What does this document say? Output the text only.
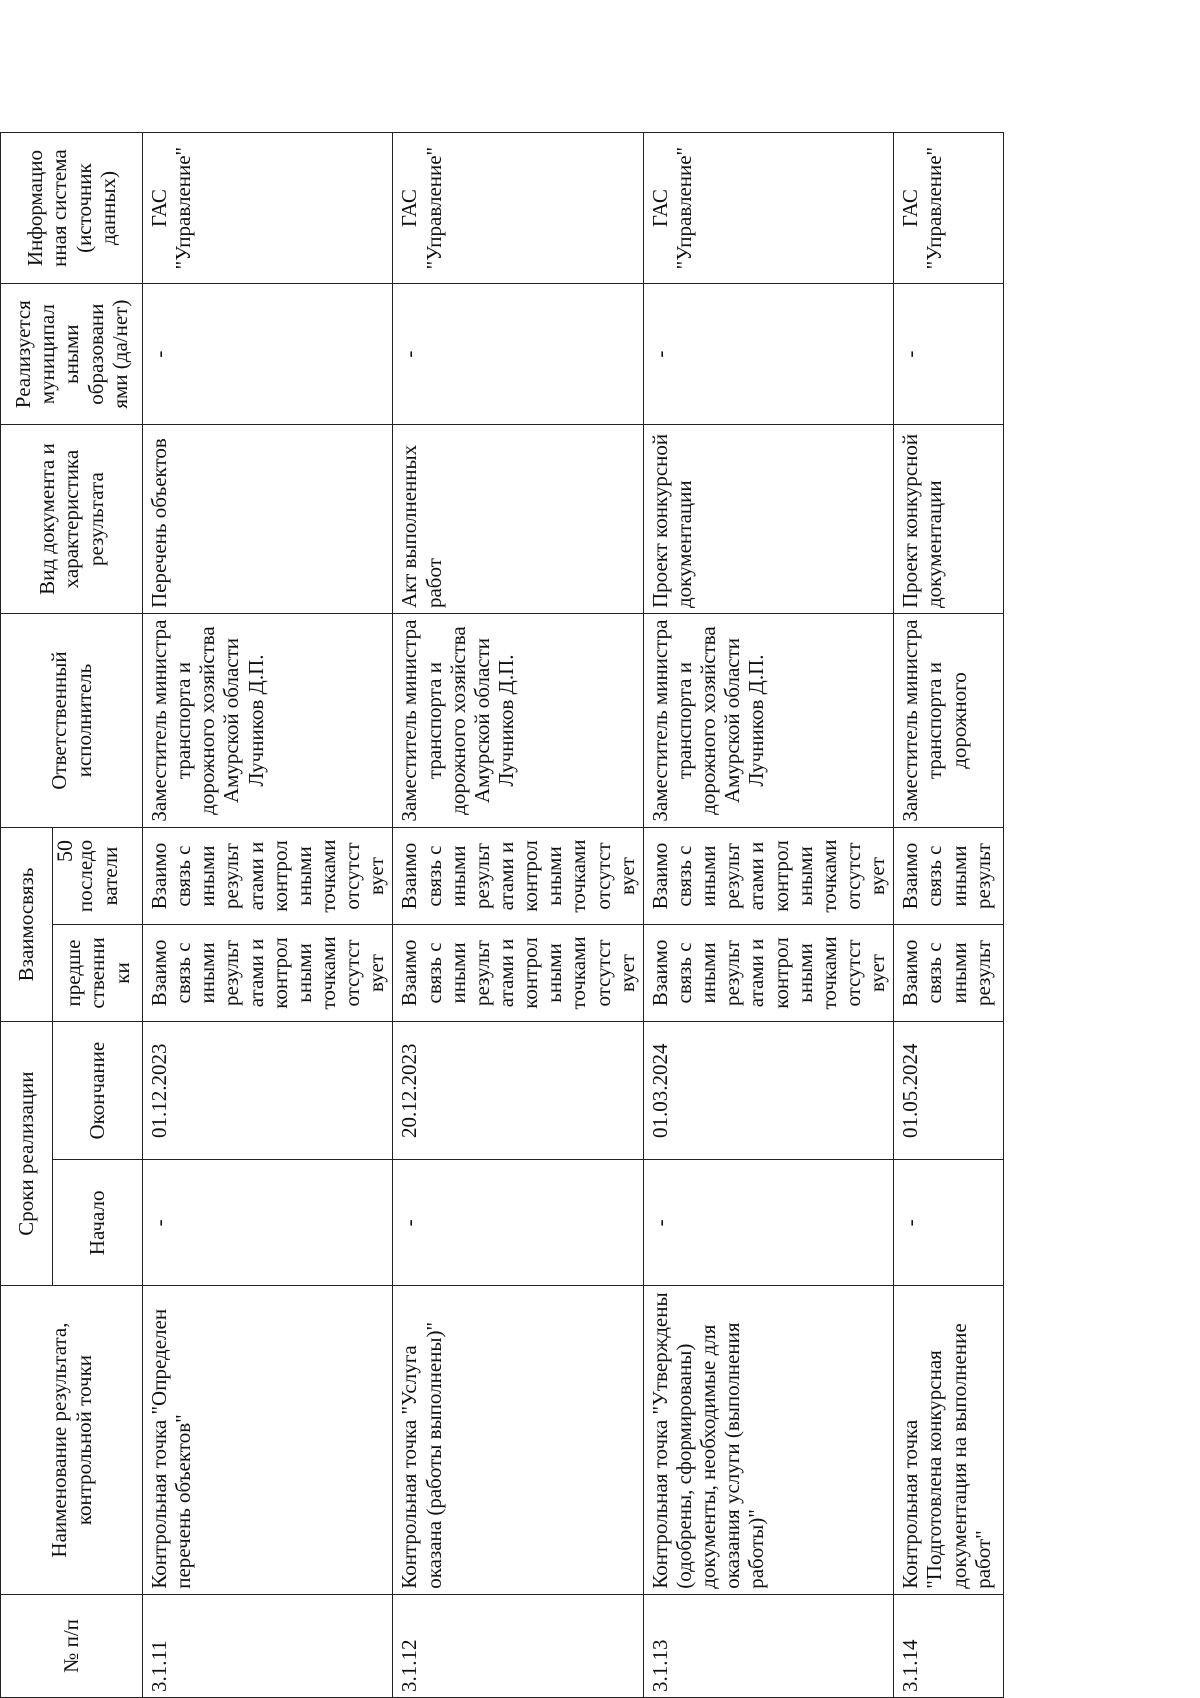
50
№ п/п	Наименование результата, контрольной точки	Сроки реализации		Взаимосвязь		Ответственный исполнитель	Вид документа и характеристика результата	Реализуется муниципал ьными образовани ями (да/нет)	Информацио нная система (источник данных)
		Начало	Окончание	предше ственни ки	последо ватели				
3.1.11	Контрольная точка "Определен перечень объектов"	-	01.12.2023	Взаимо связь с иными результ атами и контрол ьными точками отсутст вует	Взаимо связь с иными результ атами и контрол ьными точками отсутст вует	Заместитель министра транспорта и дорожного хозяйства Амурской области Лучников Д.П.	Перечень объектов	-	ГАС "Управление"
3.1.12	Контрольная точка "Услуга оказана (работы выполнены)"	-	20.12.2023	Взаимо связь с иными результ атами и контрол ьными точками отсутст вует	Взаимо связь с иными результ атами и контрол ьными точками отсутст вует	Заместитель министра транспорта и дорожного хозяйства Амурской области Лучников Д.П.	Акт выполненных работ	-	ГАС "Управление"
3.1.13	Контрольная точка "Утверждены (одобрены, сформированы) документы, необходимые для оказания услуги (выполнения работы)"	-	01.03.2024	Взаимо связь с иными результ атами и контрол ьными точками отсутст вует	Взаимо связь с иными результ атами и контрол ьными точками отсутст вует	Заместитель министра транспорта и дорожного хозяйства Амурской области Лучников Д.П.	Проект конкурсной документации	-	ГАС "Управление"
3.1.14	Контрольная точка "Подготовлена конкурсная документация на выполнение работ"	-	01.05.2024	Взаимо связь с иными результ	Взаимо связь с иными результ	Заместитель министра транспорта и дорожного	Проект конкурсной документации	-	ГАС "Управление"
